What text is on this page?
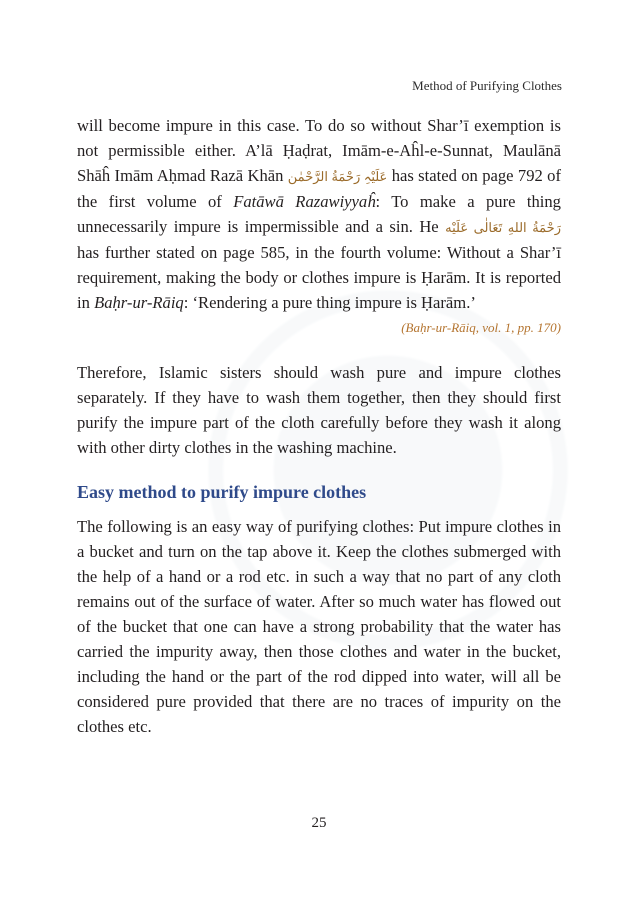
Method of Purifying Clothes

will become impure in this case. To do so without Shar’ī exemption is not permissible either. A’lā Ḥaḍrat, Imām-e-Aĥl-e-Sunnat, Maulānā Shāĥ Imām Aḥmad Razā Khān عَلَیْہِ رَحْمَةُ الرَّحْمٰن has stated on page 792 of the first volume of Fatāwā Razawiyyaĥ: To make a pure thing unnecessarily impure is impermissible and a sin. He رَحْمَةُ اللهِ تَعَالٰی عَلَیْه has further stated on page 585, in the fourth volume: Without a Shar’ī requirement, making the body or clothes impure is Ḥarām. It is reported in Baḥr-ur-Rāiq: ‘Rendering a pure thing impure is Ḥarām.’

(Baḥr-ur-Rāiq, vol. 1, pp. 170)

Therefore, Islamic sisters should wash pure and impure clothes separately. If they have to wash them together, then they should first purify the impure part of the cloth carefully before they wash it along with other dirty clothes in the washing machine.

Easy method to purify impure clothes

The following is an easy way of purifying clothes: Put impure clothes in a bucket and turn on the tap above it. Keep the clothes submerged with the help of a hand or a rod etc. in such a way that no part of any cloth remains out of the surface of water. After so much water has flowed out of the bucket that one can have a strong probability that the water has carried the impurity away, then those clothes and water in the bucket, including the hand or the part of the rod dipped into water, will all be considered pure provided that there are no traces of impurity on the clothes etc.

25
